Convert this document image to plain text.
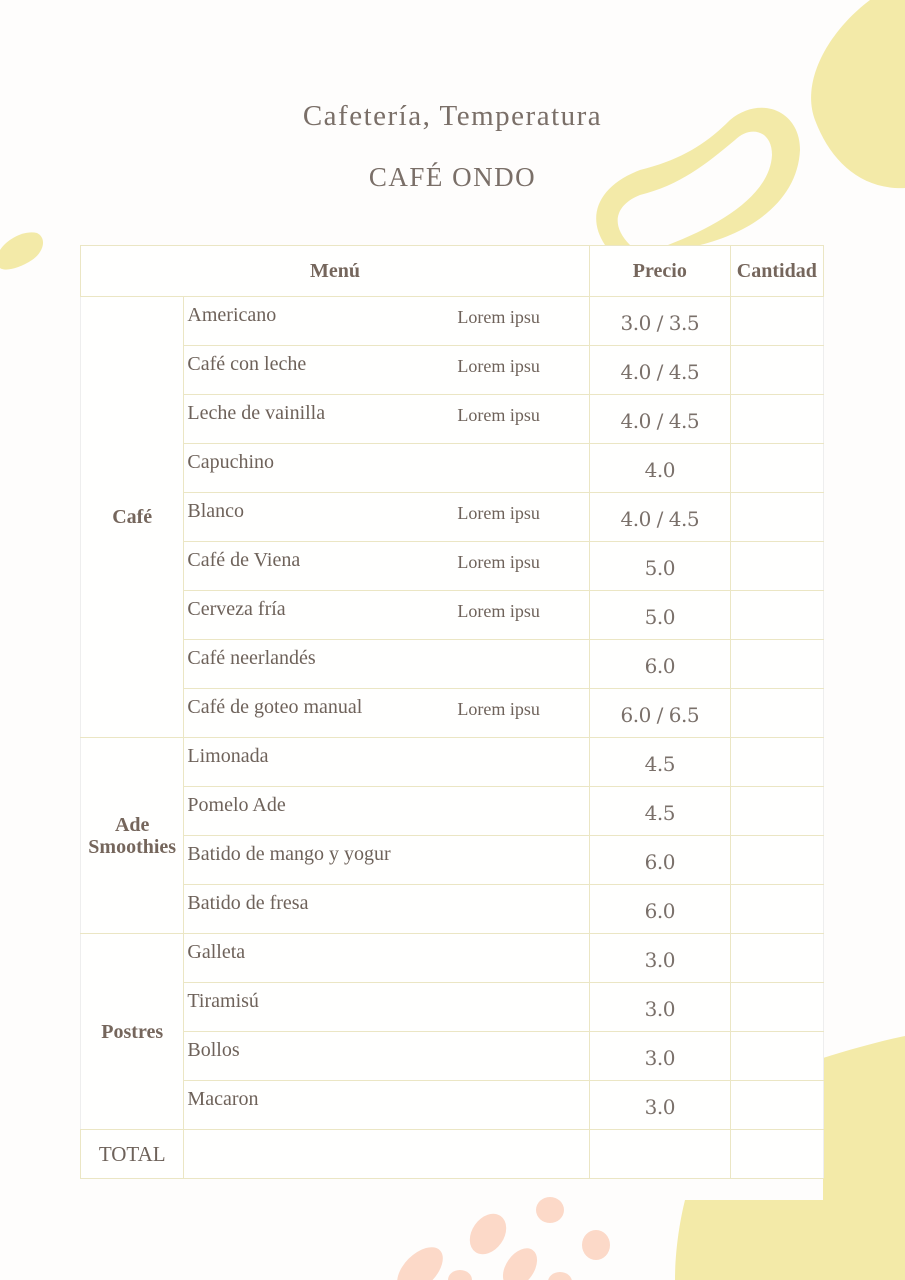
Cafetería, Temperatura
CAFÉ ONDO
Menú		Precio	Cantidad
Café	Americano Lorem ipsu	3.0 / 3.5	
	Café con leche Lorem ipsu	4.0 / 4.5	
	Leche de vainilla Lorem ipsu	4.0 / 4.5	
	Capuchino	4.0	
	Blanco Lorem ipsu	4.0 / 4.5	
	Café de Viena Lorem ipsu	5.0	
	Cerveza fría Lorem ipsu	5.0	
	Café neerlandés	6.0	
	Café de goteo manual Lorem ipsu	6.0 / 6.5	
Ade
Smoothies	Limonada	4.5	
	Pomelo Ade	4.5	
	Batido de mango y yogur	6.0	
	Batido de fresa	6.0	
Postres	Galleta	3.0	
	Tiramisú	3.0	
	Bollos	3.0	
	Macaron	3.0	
TOTAL			
